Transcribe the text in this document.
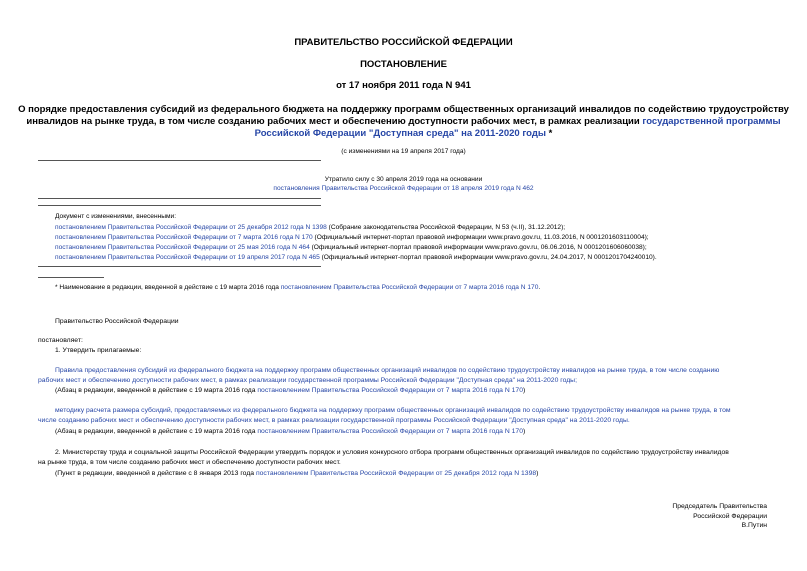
ПРАВИТЕЛЬСТВО РОССИЙСКОЙ ФЕДЕРАЦИИ
ПОСТАНОВЛЕНИЕ
от 17 ноября 2011 года N 941
О порядке предоставления субсидий из федерального бюджета на поддержку программ общественных организаций инвалидов по содействию трудоустройству
инвалидов на рынке труда, в том числе созданию рабочих мест и обеспечению доступности рабочих мест, в рамках реализации государственной программы
Российской Федерации "Доступная среда" на 2011-2020 годы *
(с изменениями на 19 апреля 2017 года)
Утратило силу с 30 апреля 2019 года на основании
постановления Правительства Российской Федерации от 18 апреля 2019 года N 462
Документ с изменениями, внесенными:
постановлением Правительства Российской Федерации от 25 декабря 2012 года N 1398 (Собрание законодательства Российской Федерации, N 53 (ч.II), 31.12.2012);
постановлением Правительства Российской Федерации от 7 марта 2016 года N 170 (Официальный интернет-портал правовой информации www.pravo.gov.ru, 11.03.2016, N 0001201603110004);
постановлением Правительства Российской Федерации от 25 мая 2016 года N 464 (Официальный интернет-портал правовой информации www.pravo.gov.ru, 06.06.2016, N 0001201606060038);
постановлением Правительства Российской Федерации от 19 апреля 2017 года N 465 (Официальный интернет-портал правовой информации www.pravo.gov.ru, 24.04.2017, N 0001201704240010).
* Наименование в редакции, введенной в действие с 19 марта 2016 года постановлением Правительства Российской Федерации от 7 марта 2016 года N 170.
Правительство Российской Федерации
постановляет:
1. Утвердить прилагаемые:
Правила предоставления субсидий из федерального бюджета на поддержку программ общественных организаций инвалидов по содействию трудоустройству инвалидов на рынке труда, в том числе созданию
рабочих мест и обеспечению доступности рабочих мест, в рамках реализации государственной программы Российской Федерации "Доступная среда" на 2011-2020 годы;
(Абзац в редакции, введенной в действие с 19 марта 2016 года постановлением Правительства Российской Федерации от 7 марта 2016 года N 170)
методику расчета размера субсидий, предоставляемых из федерального бюджета на поддержку программ общественных организаций инвалидов по содействию трудоустройству инвалидов на рынке труда, в том
числе созданию рабочих мест и обеспечению доступности рабочих мест, в рамках реализации государственной программы Российской Федерации "Доступная среда" на 2011-2020 годы.
(Абзац в редакции, введенной в действие с 19 марта 2016 года постановлением Правительства Российской Федерации от 7 марта 2016 года N 170)
2. Министерству труда и социальной защиты Российской Федерации утвердить порядок и условия конкурсного отбора программ общественных организаций инвалидов по содействию трудоустройству инвалидов
на рынке труда, в том числе созданию рабочих мест и обеспечению доступности рабочих мест.
(Пункт в редакции, введенной в действие с 8 января 2013 года постановлением Правительства Российской Федерации от 25 декабря 2012 года N 1398)
Председатель Правительства
Российской Федерации
В.Путин
